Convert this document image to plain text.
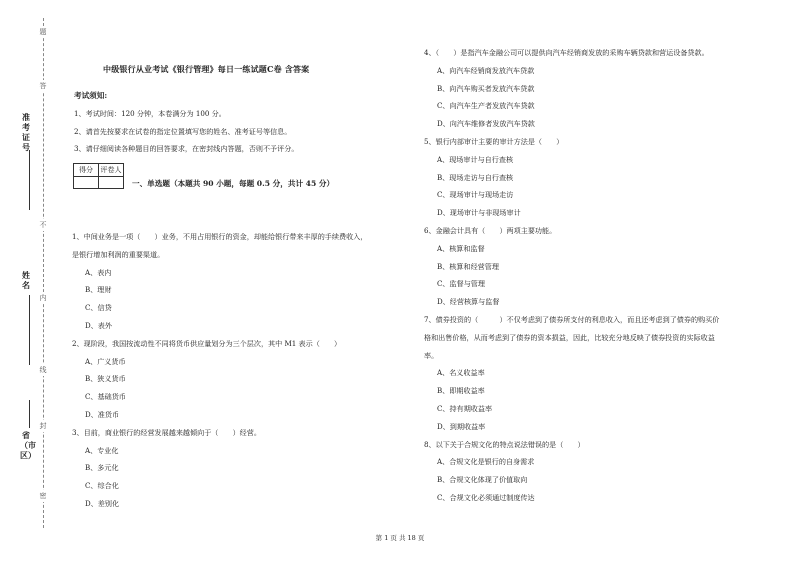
题
答
不
内
线
封
密
准考证号
姓名
省（市区）
中级银行从业考试《银行管理》每日一练试题C卷 含答案
考试须知:

1、考试时间：120 分钟，本卷满分为 100 分。

2、请首先按要求在试卷的指定位置填写您的姓名、准考证号等信息。

3、请仔细阅读各种题目的回答要求，在密封线内答题，否则不予评分。

得分	评卷人

一、单选题（本题共 90 小题，每题 0.5 分，共计 45 分）

1、中间业务是一项（　　）业务，不用占用银行的资金，却能给银行带来丰厚的手续费收入，

是银行增加利润的重要渠道。

A、表内

B、理财

C、信贷

D、表外

2、现阶段，我国按流动性不同将货币供应量划分为三个层次，其中 M1 表示（　　）

A、广义货币

B、狭义货币

C、基础货币

D、准货币

3、目前，商业银行的经营发展越来越倾向于（　　）经营。

A、专业化

B、多元化

C、综合化

D、差别化

4、（　　）是指汽车金融公司可以提供向汽车经销商发放的采购车辆贷款和营运设备贷款。

A、向汽车经销商发放汽车贷款

B、向汽车购买者发放汽车贷款

C、向汽车生产者发放汽车贷款

D、向汽车维修者发放汽车贷款

5、银行内部审计主要的审计方法是（　　）

A、现场审计与自行查核

B、现场走访与自行查核

C、现场审计与现场走访

D、现场审计与非现场审计

6、金融会计具有（　　）两项主要功能。

A、核算和监督

B、核算和经营管理

C、监督与管理

D、经营核算与监督

7、债券投资的（　　　）不仅考虑到了债券所支付的利息收入，而且还考虑到了债券的购买价

格和出售价格，从而考虑到了债券的资本损益，因此，比较充分地反映了债券投资的实际收益

率。

A、名义收益率

B、即期收益率

C、持有期收益率

D、到期收益率

8、以下关于合规文化的特点说法错误的是（　　）

A、合规文化是银行的自身需求

B、合规文化体现了价值取向

C、合规文化必须通过制度传达

第 1 页 共 18 页
